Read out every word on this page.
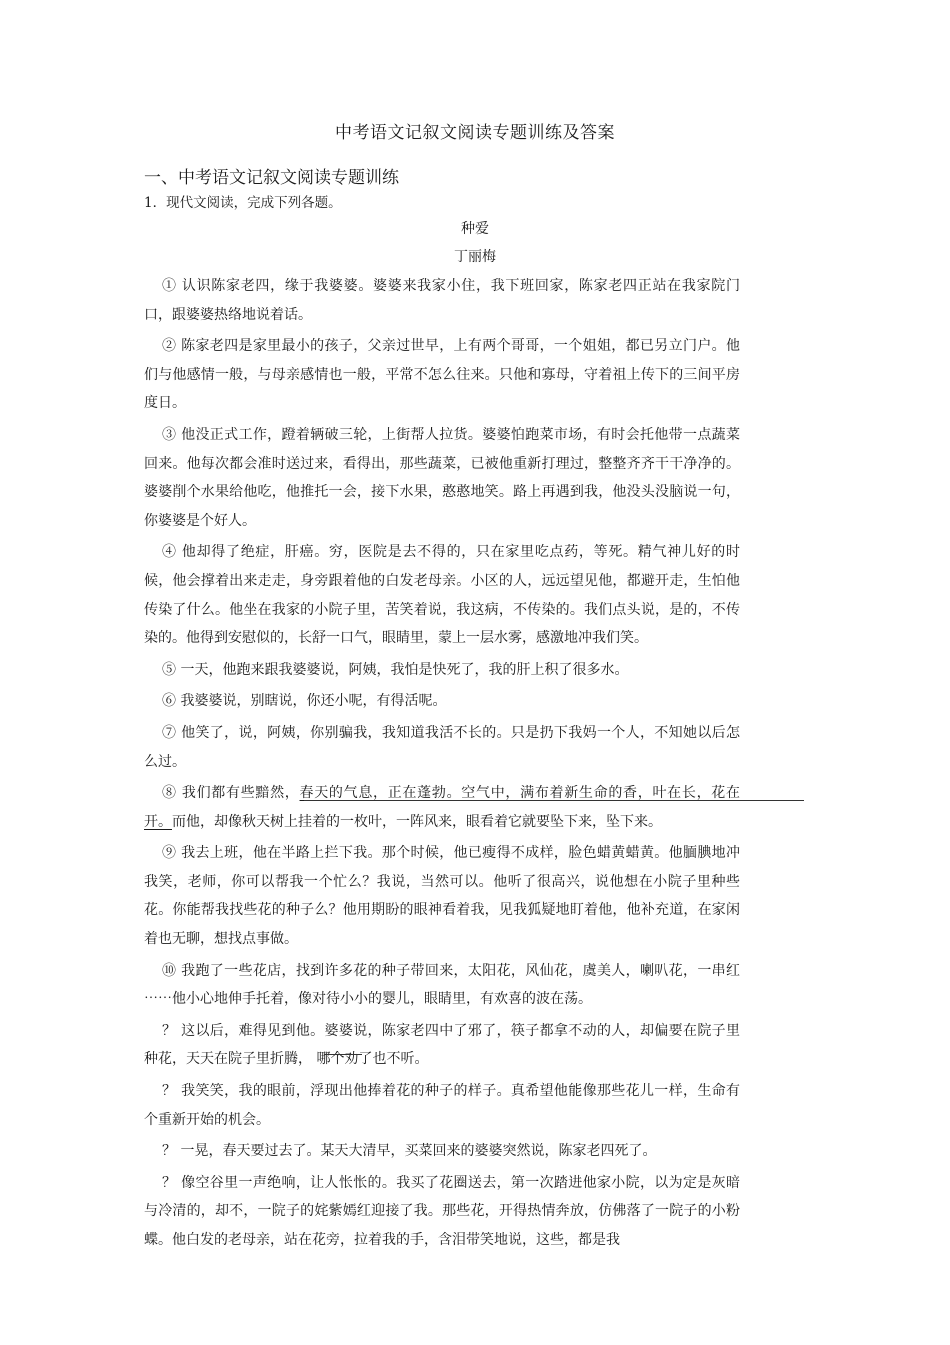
中考语文记叙文阅读专题训练及答案
一、中考语文记叙文阅读专题训练
1．现代文阅读，完成下列各题。
种爱
丁丽梅

① 认识陈家老四，缘于我婆婆。婆婆来我家小住，我下班回家，陈家老四正站在我家院门口，跟婆婆热络地说着话。

② 陈家老四是家里最小的孩子，父亲过世早，上有两个哥哥，一个姐姐，都已另立门户。他们与他感情一般，与母亲感情也一般，平常不怎么往来。只他和寡母，守着祖上传下的三间平房度日。

③ 他没正式工作，蹬着辆破三轮，上街帮人拉货。婆婆怕跑菜市场，有时会托他带一点蔬菜回来。他每次都会准时送过来，看得出，那些蔬菜，已被他重新打理过，整整齐齐干干净净的。婆婆削个水果给他吃，他推托一会，接下水果，憨憨地笑。路上再遇到我，他没头没脑说一句，你婆婆是个好人。

④ 他却得了绝症，肝癌。穷，医院是去不得的，只在家里吃点药，等死。精气神儿好的时候，他会撑着出来走走，身旁跟着他的白发老母亲。小区的人，远远望见他，都避开走，生怕他传染了什么。他坐在我家的小院子里，苦笑着说，我这病，不传染的。我们点头说，是的，不传染的。他得到安慰似的，长舒一口气，眼睛里，蒙上一层水雾，感激地冲我们笑。

⑤ 一天，他跑来跟我婆婆说，阿姨，我怕是快死了，我的肝上积了很多水。

⑥ 我婆婆说，别瞎说，你还小呢，有得活呢。

⑦ 他笑了，说，阿姨，你别骗我，我知道我活不长的。只是扔下我妈一个人，不知她以后怎么过。

⑧ 我们都有些黯然，春天的气息，正在蓬勃。空气中，满布着新生命的香，叶在长，花在开。而他，却像秋天树上挂着的一枚叶，一阵风来，眼看着它就要坠下来，坠下来。

⑨ 我去上班，他在半路上拦下我。那个时候，他已瘦得不成样，脸色蜡黄蜡黄。他腼腆地冲我笑，老师，你可以帮我一个忙么？我说，当然可以。他听了很高兴，说他想在小院子里种些花。你能帮我找些花的种子么？他用期盼的眼神看着我，见我狐疑地盯着他，他补充道，在家闲着也无聊，想找点事做。

⑩ 我跑了一些花店，找到许多花的种子带回来，太阳花，风仙花，虞美人，喇叭花，一串红 ⋯⋯他小心地伸手托着，像对待小小的婴儿，眼睛里，有欢喜的波在荡。

？ 这以后，难得见到他。婆婆说，陈家老四中了邪了，筷子都拿不动的人，却偏要在院子里种花，天天在院子里折腾， 哪个劝了也不听。

？ 我笑笑，我的眼前，浮现出他捧着花的种子的样子。真希望他能像那些花儿一样，生命有个重新开始的机会。

？ 一晃，春天要过去了。某天大清早，买菜回来的婆婆突然说，陈家老四死了。

？ 像空谷里一声绝响，让人怅怅的。我买了花圈送去，第一次踏进他家小院，以为定是灰暗与冷清的，却不，一院子的姹紫嫣红迎接了我。那些花，开得热情奔放，仿佛落了一院子的小粉蝶。他白发的老母亲，站在花旁，拉着我的手，含泪带笑地说，这些，都是我
